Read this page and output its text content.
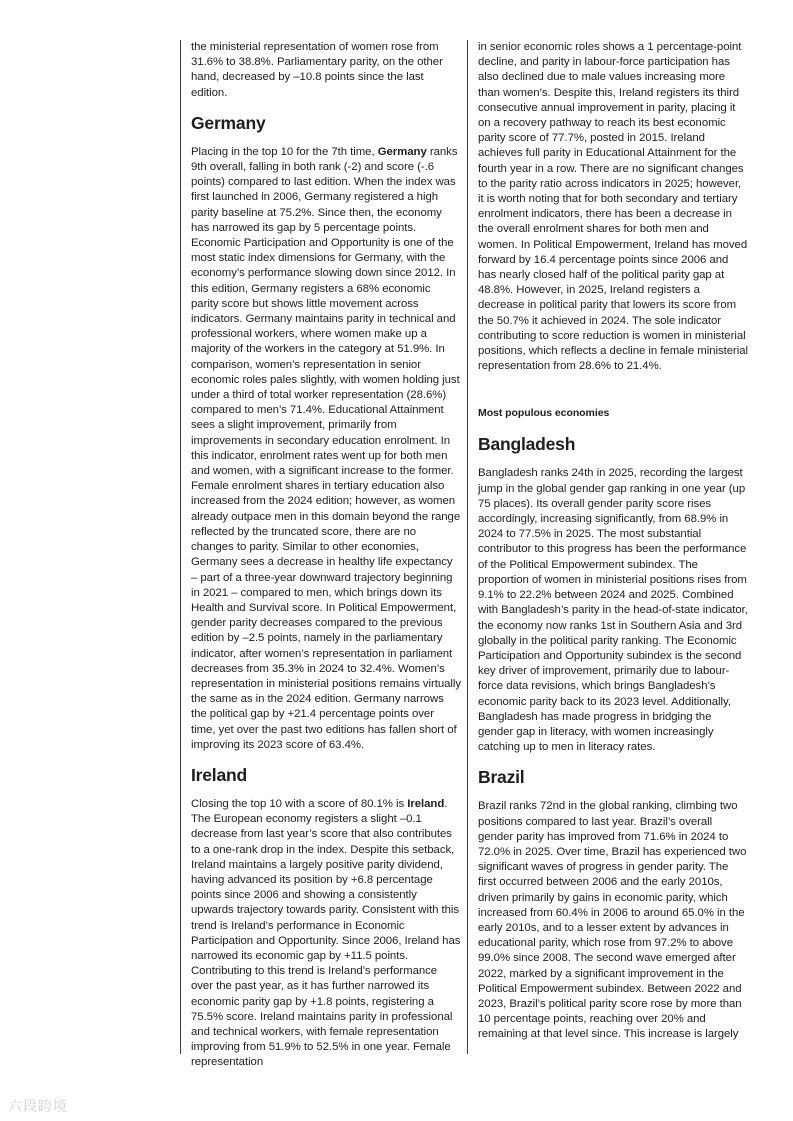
the ministerial representation of women rose from 31.6% to 38.8%. Parliamentary parity, on the other hand, decreased by –10.8 points since the last edition.

Germany

Placing in the top 10 for the 7th time, Germany ranks 9th overall, falling in both rank (-2) and score (-.6 points) compared to last edition. When the index was first launched in 2006, Germany registered a high parity baseline at 75.2%. Since then, the economy has narrowed its gap by 5 percentage points. Economic Participation and Opportunity is one of the most static index dimensions for Germany, with the economy’s performance slowing down since 2012. In this edition, Germany registers a 68% economic parity score but shows little movement across indicators. Germany maintains parity in technical and professional workers, where women make up a majority of the workers in the category at 51.9%. In comparison, women’s representation in senior economic roles pales slightly, with women holding just under a third of total worker representation (28.6%) compared to men’s 71.4%. Educational Attainment sees a slight improvement, primarily from improvements in secondary education enrolment. In this indicator, enrolment rates went up for both men and women, with a significant increase to the former. Female enrolment shares in tertiary education also increased from the 2024 edition; however, as women already outpace men in this domain beyond the range reflected by the truncated score, there are no changes to parity. Similar to other economies, Germany sees a decrease in healthy life expectancy – part of a three-year downward trajectory beginning in 2021 – compared to men, which brings down its Health and Survival score. In Political Empowerment, gender parity decreases compared to the previous edition by –2.5 points, namely in the parliamentary indicator, after women’s representation in parliament decreases from 35.3% in 2024 to 32.4%. Women’s representation in ministerial positions remains virtually the same as in the 2024 edition. Germany narrows the political gap by +21.4 percentage points over time, yet over the past two editions has fallen short of improving its 2023 score of 63.4%.

Ireland

Closing the top 10 with a score of 80.1% is Ireland. The European economy registers a slight –0.1 decrease from last year’s score that also contributes to a one-rank drop in the index. Despite this setback, Ireland maintains a largely positive parity dividend, having advanced its position by +6.8 percentage points since 2006 and showing a consistently upwards trajectory towards parity. Consistent with this trend is Ireland’s performance in Economic Participation and Opportunity. Since 2006, Ireland has narrowed its economic gap by +11.5 points. Contributing to this trend is Ireland’s performance over the past year, as it has further narrowed its economic parity gap by +1.8 points, registering a 75.5% score. Ireland maintains parity in professional and technical workers, with female representation improving from 51.9% to 52.5% in one year. Female representation

in senior economic roles shows a 1 percentage-point decline, and parity in labour-force participation has also declined due to male values increasing more than women’s. Despite this, Ireland registers its third consecutive annual improvement in parity, placing it on a recovery pathway to reach its best economic parity score of 77.7%, posted in 2015. Ireland achieves full parity in Educational Attainment for the fourth year in a row. There are no significant changes to the parity ratio across indicators in 2025; however, it is worth noting that for both secondary and tertiary enrolment indicators, there has been a decrease in the overall enrolment shares for both men and women. In Political Empowerment, Ireland has moved forward by 16.4 percentage points since 2006 and has nearly closed half of the political parity gap at 48.8%. However, in 2025, Ireland registers a decrease in political parity that lowers its score from the 50.7% it achieved in 2024. The sole indicator contributing to score reduction is women in ministerial positions, which reflects a decline in female ministerial representation from 28.6% to 21.4%.

Most populous economies

Bangladesh

Bangladesh ranks 24th in 2025, recording the largest jump in the global gender gap ranking in one year (up 75 places). Its overall gender parity score rises accordingly, increasing significantly, from 68.9% in 2024 to 77.5% in 2025. The most substantial contributor to this progress has been the performance of the Political Empowerment subindex. The proportion of women in ministerial positions rises from 9.1% to 22.2% between 2024 and 2025. Combined with Bangladesh’s parity in the head-of-state indicator, the economy now ranks 1st in Southern Asia and 3rd globally in the political parity ranking. The Economic Participation and Opportunity subindex is the second key driver of improvement, primarily due to labour-force data revisions, which brings Bangladesh’s economic parity back to its 2023 level. Additionally, Bangladesh has made progress in bridging the gender gap in literacy, with women increasingly catching up to men in literacy rates.

Brazil

Brazil ranks 72nd in the global ranking, climbing two positions compared to last year. Brazil’s overall gender parity has improved from 71.6% in 2024 to 72.0% in 2025. Over time, Brazil has experienced two significant waves of progress in gender parity. The first occurred between 2006 and the early 2010s, driven primarily by gains in economic parity, which increased from 60.4% in 2006 to around 65.0% in the early 2010s, and to a lesser extent by advances in educational parity, which rose from 97.2% to above 99.0% since 2008. The second wave emerged after 2022, marked by a significant improvement in the Political Empowerment subindex. Between 2022 and 2023, Brazil’s political parity score rose by more than 10 percentage points, reaching over 20% and remaining at that level since. This increase is largely

六段跨境
